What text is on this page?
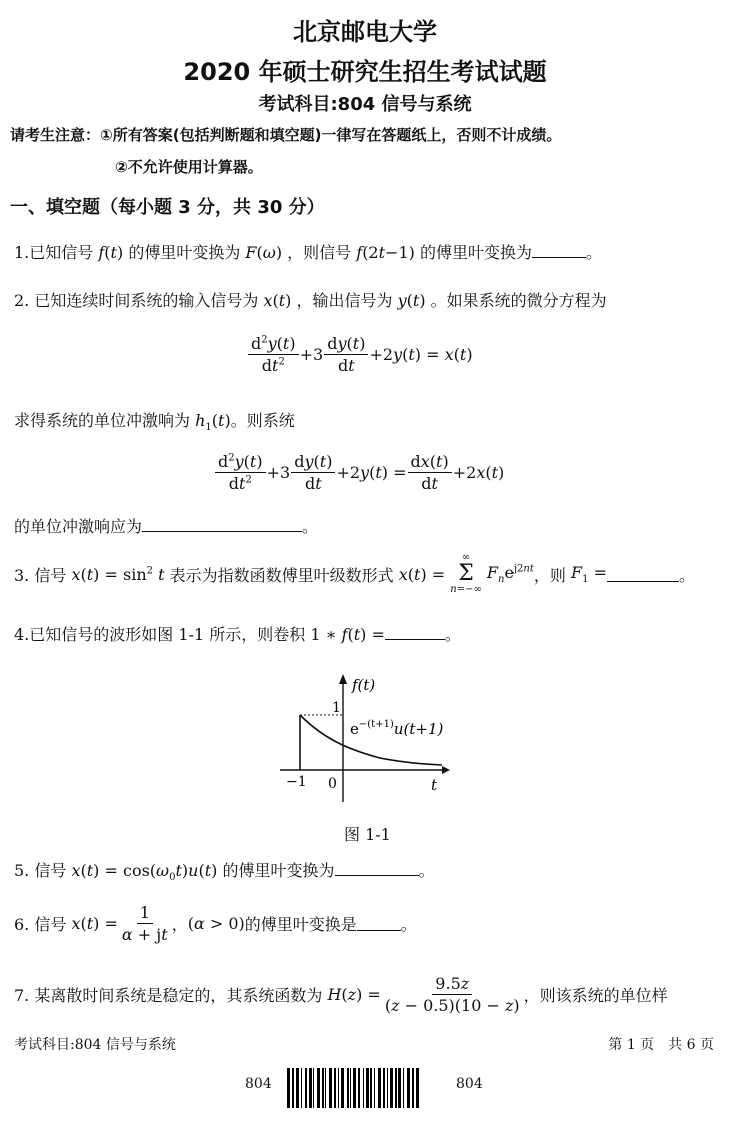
北京邮电大学
2020 年硕士研究生招生考试试题
考试科目:804 信号与系统
请考生注意：①所有答案(包括判断题和填空题)一律写在答题纸上，否则不计成绩。
②不允许使用计算器。
一、填空题（每小题 3 分，共 30 分）
1.已知信号 f(t) 的傅里叶变换为 F(ω) ，则信号 f(2t−1) 的傅里叶变换为	。
2. 已知连续时间系统的输入信号为 x(t) ，输出信号为 y(t) 。如果系统的微分方程为
$\frac{d^2y(t)}{dt^2} +3 \frac{dy(t)}{dt} +2y(t) = x(t)$
求得系统的单位冲激响为 $h_1(t)$。则系统
$\frac{d^2y(t)}{dt^2} +3 \frac{dy(t)}{dt} +2y(t) = \frac{dx(t)}{dt} +2x(t)$
的单位冲激响应为	。
3. 信号 $x(t) = \sin^2 t$ 表示为指数函数傅里叶级数形式 x(t) =
∞
Σ
n=−∞
$F_ne^{j2nt}$ ，则 $F_1$ =	。
4.已知信号的波形如图 1-1 所示，则卷积 1 ∗ f(t) =	。
f(t)
1
0
−1	t
$e^{-(t+1)}u(t+1)$
图 1-1
5. 信号 $x(t) = \cos(\omega_0t)u(t)$ 的傅里叶变换为	。
6. 信号 $x(t) = \frac{1}{\alpha + jt}$ ， (α > 0) 的傅里叶变换是	。
7. 某离散时间系统是稳定的，其系统函数为 $H(z) = \frac{9.5z}{(z - 0.5)(10 - z)}$ ，则该系统的单位样
考试科目:804 信号与系统	第 1 页　共 6 页
804	804
